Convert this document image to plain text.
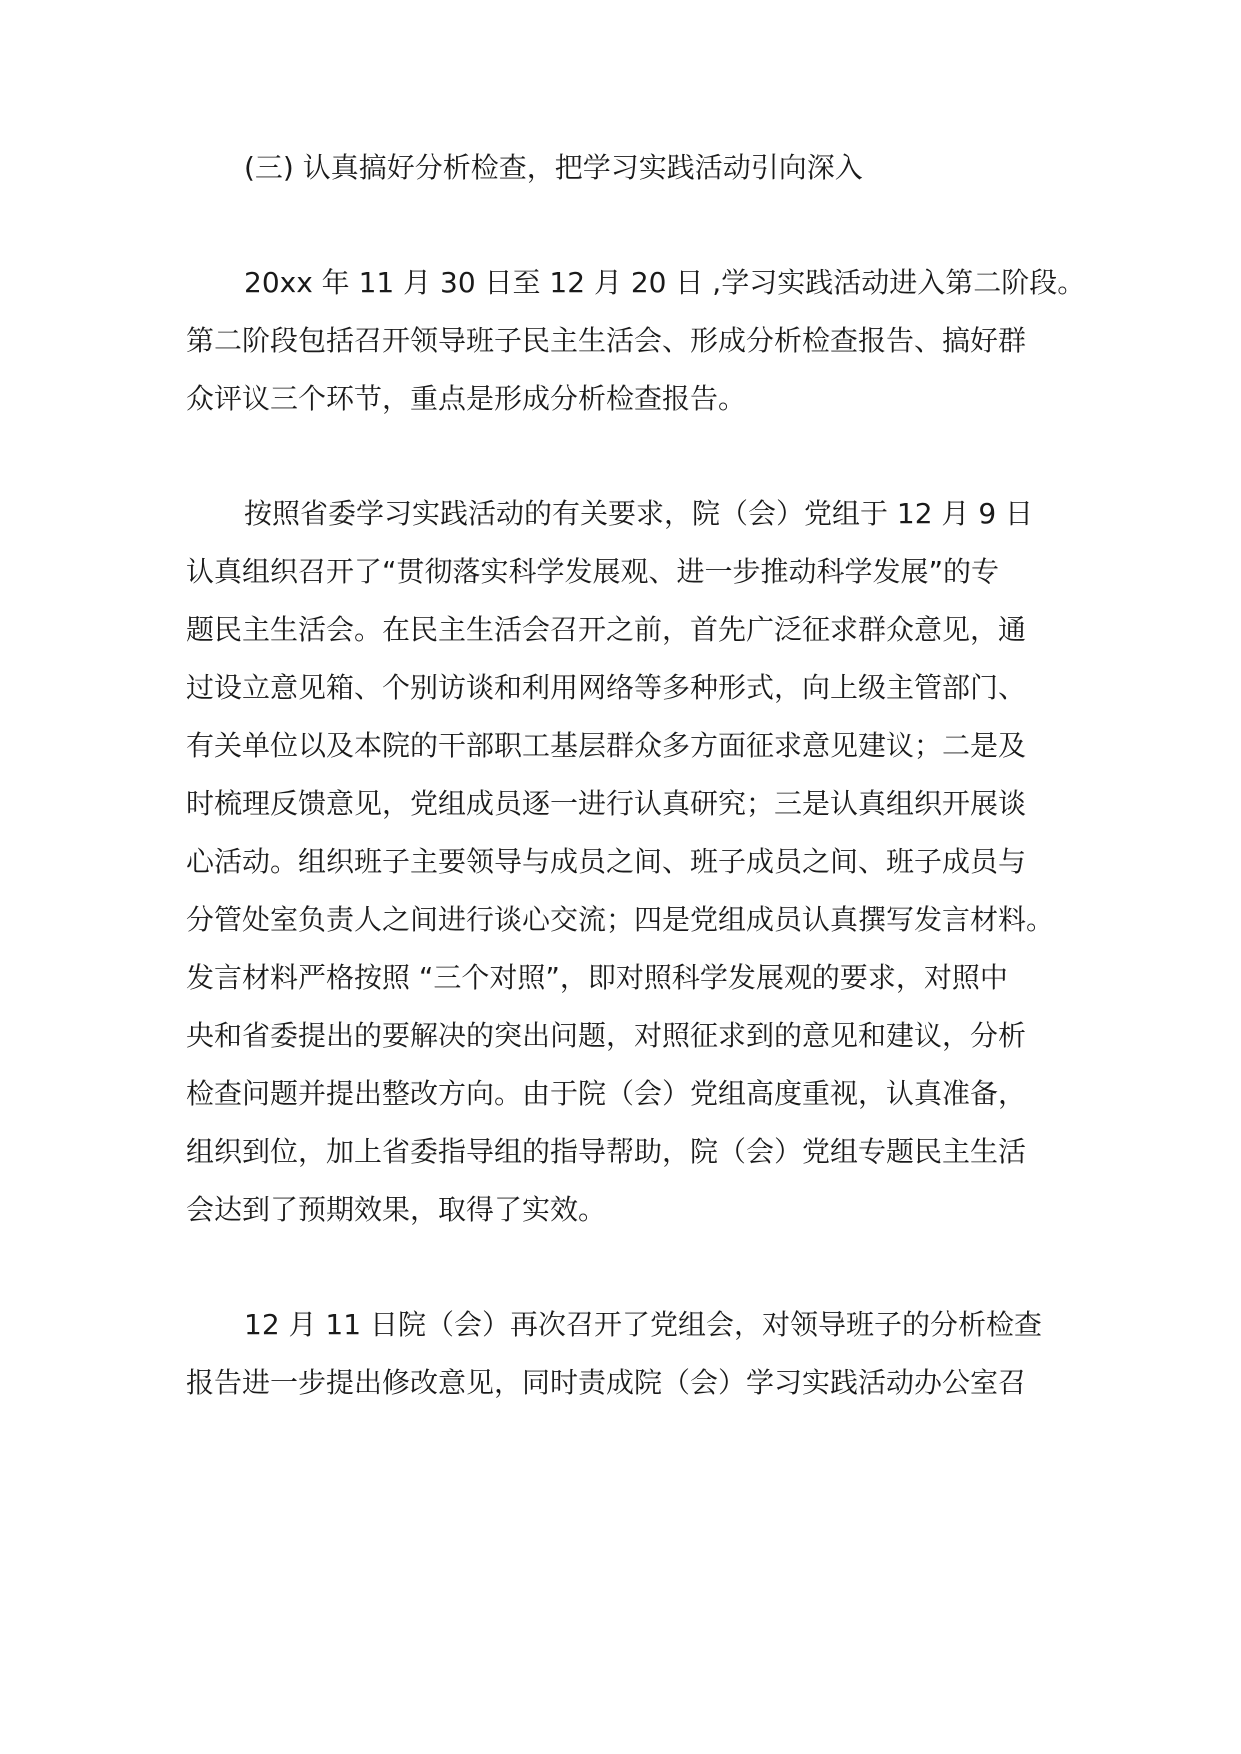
(三) 认真搞好分析检查，把学习实践活动引向深入
20xx 年 11 月 30 日至 12 月 20 日 ,学习实践活动进入第二阶段。
第二阶段包括召开领导班子民主生活会、形成分析检查报告、搞好群
众评议三个环节，重点是形成分析检查报告。
按照省委学习实践活动的有关要求，院（会）党组于 12 月 9 日
认真组织召开了“贯彻落实科学发展观、进一步推动科学发展”的专
题民主生活会。在民主生活会召开之前，首先广泛征求群众意见，通
过设立意见箱、个别访谈和利用网络等多种形式，向上级主管部门、
有关单位以及本院的干部职工基层群众多方面征求意见建议；二是及
时梳理反馈意见，党组成员逐一进行认真研究；三是认真组织开展谈
心活动。组织班子主要领导与成员之间、班子成员之间、班子成员与
分管处室负责人之间进行谈心交流；四是党组成员认真撰写发言材料。
发言材料严格按照 “三个对照”，即对照科学发展观的要求，对照中
央和省委提出的要解决的突出问题，对照征求到的意见和建议，分析
检查问题并提出整改方向。由于院（会）党组高度重视，认真准备，
组织到位，加上省委指导组的指导帮助，院（会）党组专题民主生活
会达到了预期效果，取得了实效。
12 月 11 日院（会）再次召开了党组会，对领导班子的分析检查
报告进一步提出修改意见，同时责成院（会）学习实践活动办公室召
